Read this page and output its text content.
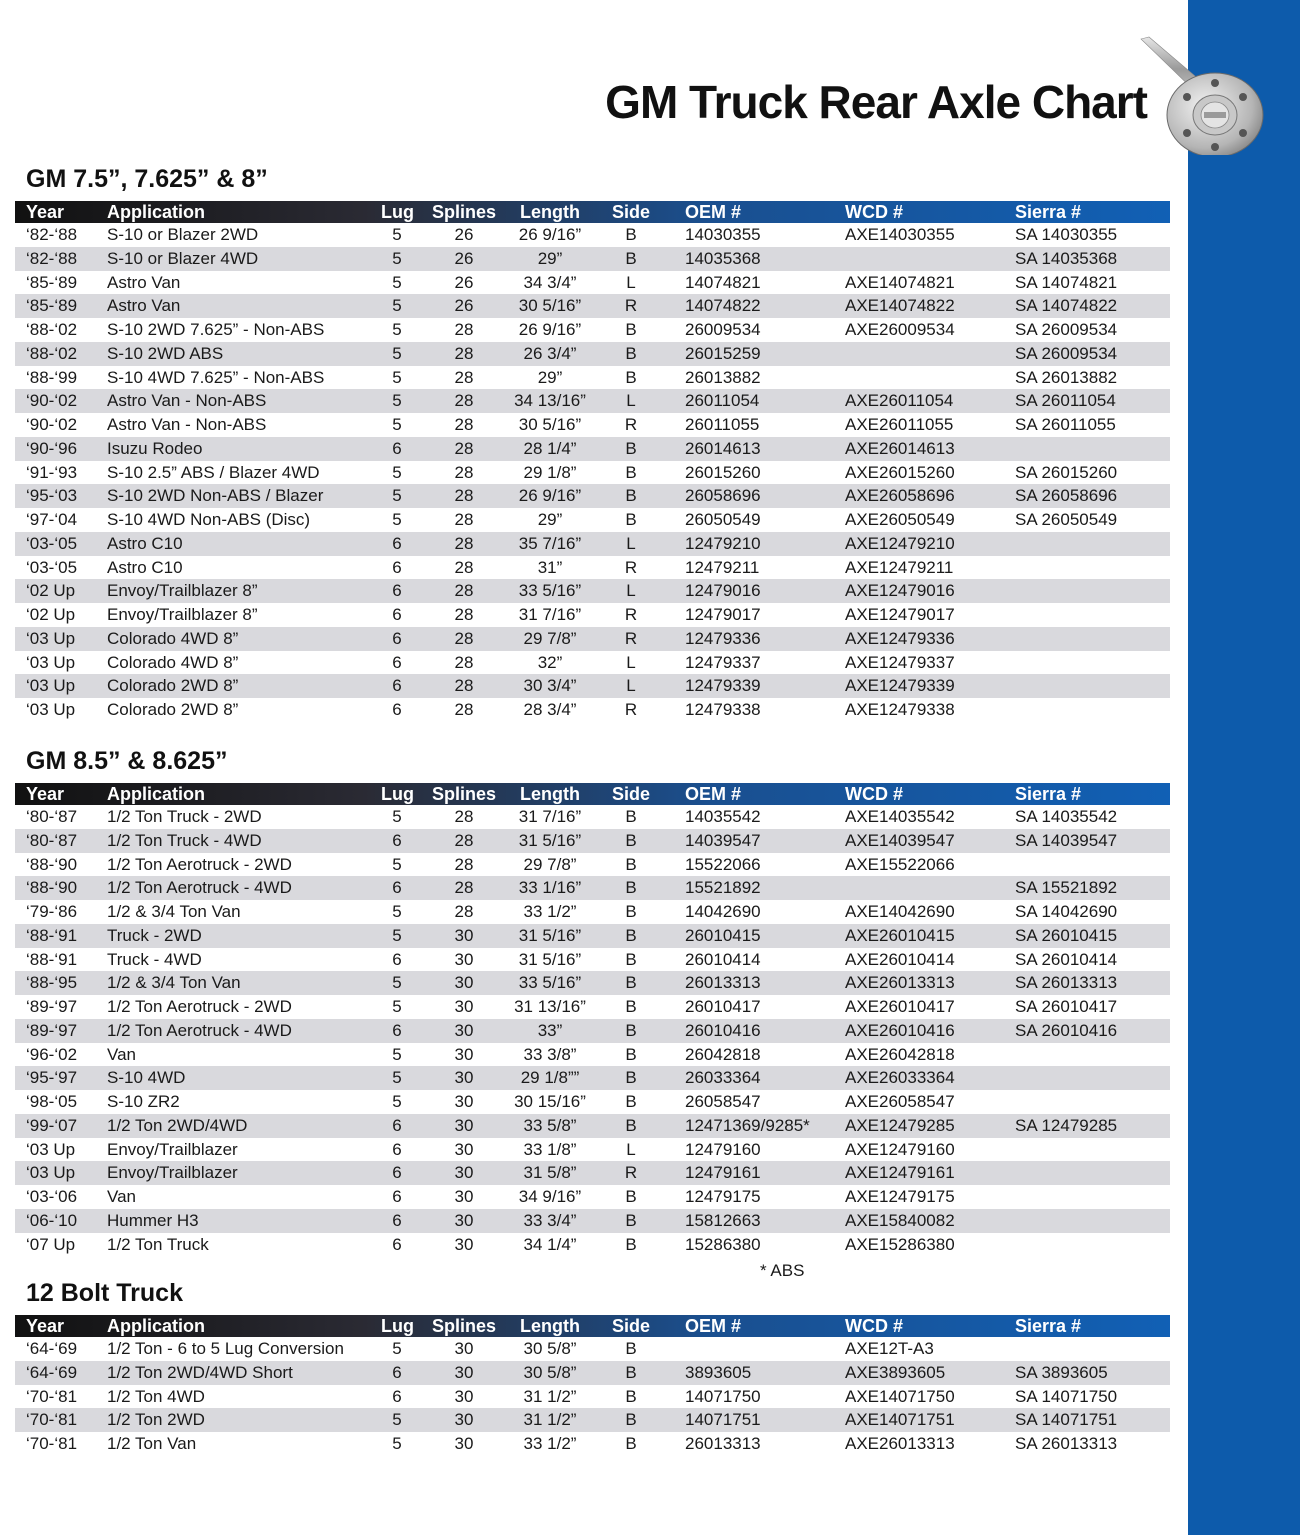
GM Truck Rear Axle Chart
GM 7.5”, 7.625” & 8”
Year Application	Lug Splines	Length	Side OEM #	WCD #	Sierra #
‘82-‘88 S-10 or Blazer 2WD	5	26	26 9/16”	B	14030355	AXE14030355	SA 14030355
‘82-‘88 S-10 or Blazer 4WD	5	26	29”	B	14035368	SA 14035368
‘85-‘89 Astro Van	5	26	34 3/4”	L	14074821	AXE14074821	SA 14074821
‘85-‘89 Astro Van	5	26	30 5/16”	R	14074822	AXE14074822	SA 14074822
‘88-‘02 S-10 2WD 7.625” - Non-ABS	5	28	26 9/16”	B	26009534	AXE26009534	SA 26009534
‘88-‘02 S-10 2WD ABS	5	28	26 3/4”	B	26015259	SA 26009534
‘88-‘99 S-10 4WD 7.625” - Non-ABS	5	28	29”	B	26013882	SA 26013882
‘90-‘02 Astro Van - Non-ABS	5	28	34 13/16”	L	26011054	AXE26011054	SA 26011054
‘90-‘02 Astro Van - Non-ABS	5	28	30 5/16”	R	26011055	AXE26011055	SA 26011055
‘90-‘96 Isuzu Rodeo	6	28	28 1/4”	B	26014613	AXE26014613
‘91-‘93 S-10 2.5” ABS / Blazer 4WD	5	28	29 1/8”	B	26015260	AXE26015260	SA 26015260
‘95-‘03 S-10 2WD Non-ABS / Blazer	5	28	26 9/16”	B	26058696	AXE26058696	SA 26058696
‘97-‘04 S-10 4WD Non-ABS (Disc)	5	28	29”	B	26050549	AXE26050549	SA 26050549
‘03-‘05 Astro C10	6	28	35 7/16”	L	12479210	AXE12479210
‘03-‘05 Astro C10	6	28	31”	R	12479211	AXE12479211
‘02 Up Envoy/Trailblazer 8”	6	28	33 5/16”	L	12479016	AXE12479016
‘02 Up Envoy/Trailblazer 8”	6	28	31 7/16”	R	12479017	AXE12479017
‘03 Up Colorado 4WD 8”	6	28	29 7/8”	R	12479336	AXE12479336
‘03 Up Colorado 4WD 8”	6	28	32”	L	12479337	AXE12479337
‘03 Up Colorado 2WD 8”	6	28	30 3/4”	L	12479339	AXE12479339
‘03 Up Colorado 2WD 8”	6	28	28 3/4”	R	12479338	AXE12479338
GM 8.5” & 8.625”
Year Application	Lug Splines	Length	Side OEM #	WCD #	Sierra #
‘80-‘87 1/2 Ton Truck - 2WD	5	28	31 7/16”	B	14035542	AXE14035542	SA 14035542
‘80-‘87 1/2 Ton Truck - 4WD	6	28	31 5/16”	B	14039547	AXE14039547	SA 14039547
‘88-‘90 1/2 Ton Aerotruck - 2WD	5	28	29 7/8”	B	15522066	AXE15522066
‘88-‘90 1/2 Ton Aerotruck - 4WD	6	28	33 1/16”	B	15521892	SA 15521892
‘79-‘86 1/2 & 3/4 Ton Van	5	28	33 1/2”	B	14042690	AXE14042690	SA 14042690
‘88-‘91 Truck - 2WD	5	30	31 5/16”	B	26010415	AXE26010415	SA 26010415
‘88-‘91 Truck - 4WD	6	30	31 5/16”	B	26010414	AXE26010414	SA 26010414
‘88-‘95 1/2 & 3/4 Ton Van	5	30	33 5/16”	B	26013313	AXE26013313	SA 26013313
‘89-‘97 1/2 Ton Aerotruck - 2WD	5	30	31 13/16”	B	26010417	AXE26010417	SA 26010417
‘89-‘97 1/2 Ton Aerotruck - 4WD	6	30	33”	B	26010416	AXE26010416	SA 26010416
‘96-‘02 Van	5	30	33 3/8”	B	26042818	AXE26042818
‘95-‘97 S-10 4WD	5	30	29 1/8””	B	26033364	AXE26033364
‘98-‘05 S-10 ZR2	5	30	30 15/16”	B	26058547	AXE26058547
‘99-‘07 1/2 Ton 2WD/4WD	6	30	33 5/8”	B	12471369/9285* AXE12479285	SA 12479285
‘03 Up Envoy/Trailblazer	6	30	33 1/8”	L	12479160	AXE12479160
‘03 Up Envoy/Trailblazer	6	30	31 5/8”	R	12479161	AXE12479161
‘03-‘06 Van	6	30	34 9/16”	B	12479175	AXE12479175
‘06-‘10 Hummer H3	6	30	33 3/4”	B	15812663	AXE15840082
‘07 Up 1/2 Ton Truck	6	30	34 1/4”	B	15286380	AXE15286380
* ABS
12 Bolt Truck
Year Application	Lug Splines	Length	Side OEM #	WCD #	Sierra #
‘64-‘69 1/2 Ton - 6 to 5 Lug Conversion	5	30	30 5/8”	B	AXE12T-A3
‘64-‘69 1/2 Ton 2WD/4WD Short	6	30	30 5/8”	B	3893605	AXE3893605	SA 3893605
‘70-‘81 1/2 Ton 4WD	6	30	31 1/2”	B	14071750	AXE14071750	SA 14071750
‘70-‘81 1/2 Ton 2WD	5	30	31 1/2”	B	14071751	AXE14071751	SA 14071751
‘70-‘81 1/2 Ton Van	5	30	33 1/2”	B	26013313	AXE26013313	SA 26013313
